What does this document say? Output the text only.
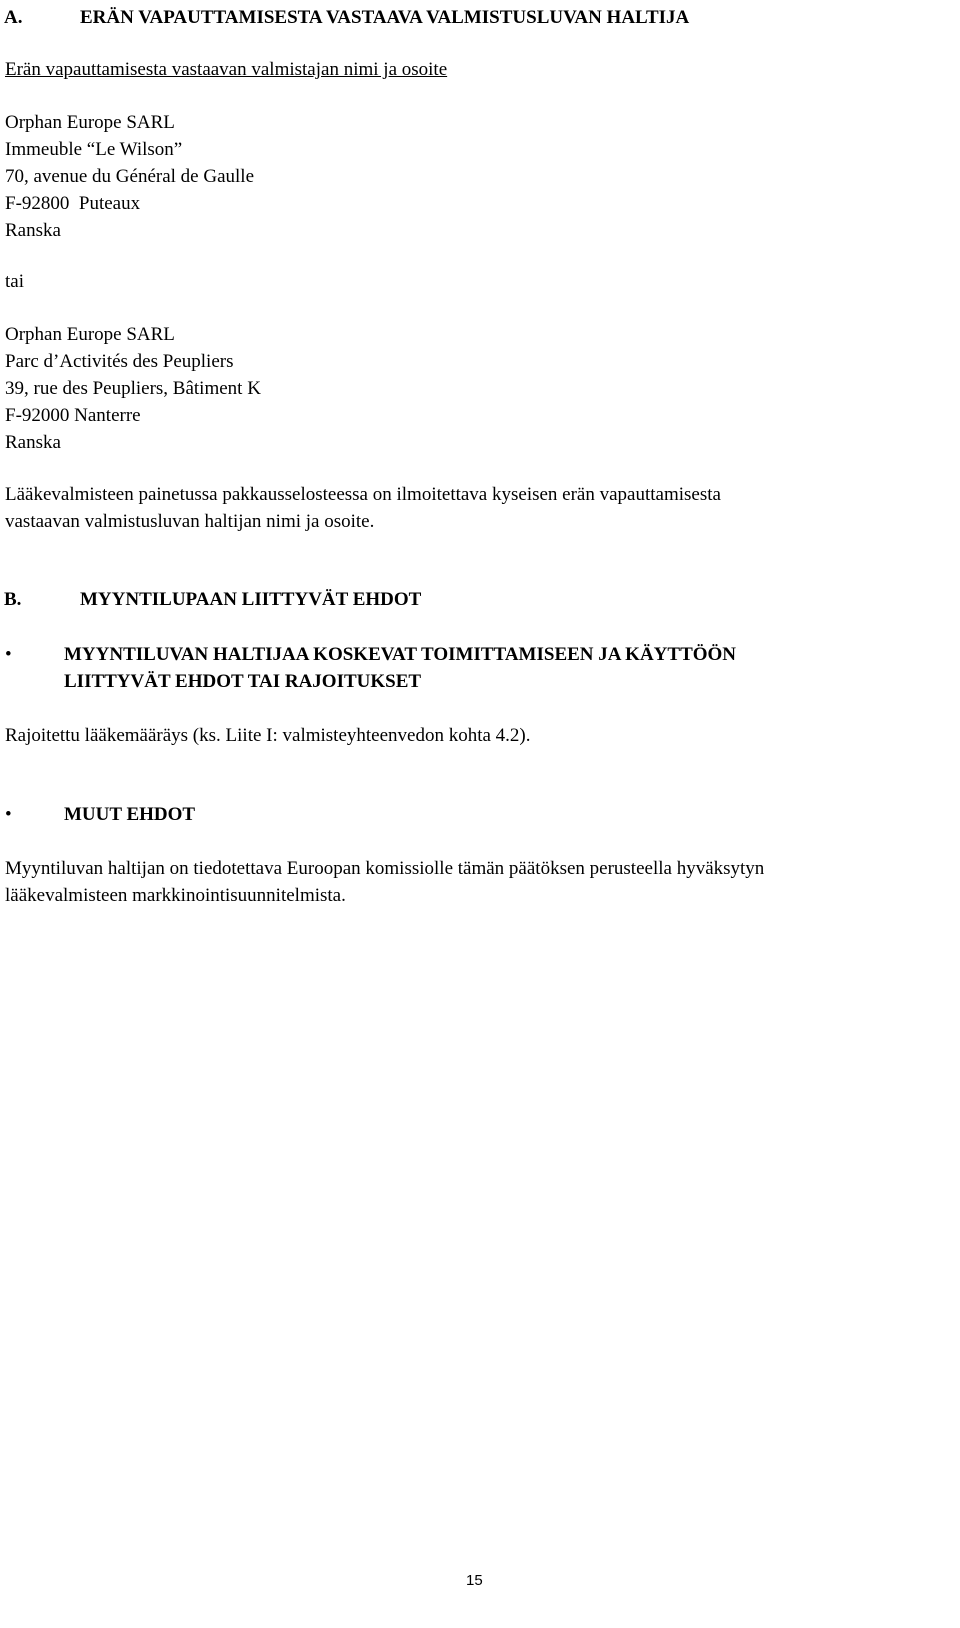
A.	ERÄN VAPAUTTAMISESTA VASTAAVA VALMISTUSLUVAN HALTIJA
Erän vapauttamisesta vastaavan valmistajan nimi ja osoite
Orphan Europe SARL
Immeuble “Le Wilson”
70, avenue du Général de Gaulle
F-92800  Puteaux
Ranska
tai
Orphan Europe SARL
Parc d’Activités des Peupliers
39, rue des Peupliers, Bâtiment K
F-92000 Nanterre
Ranska
Lääkevalmisteen painetussa pakkausselosteessa on ilmoitettava kyseisen erän vapauttamisesta
vastaavan valmistusluvan haltijan nimi ja osoite.
B.	MYYNTILUPAAN LIITTYVÄT EHDOT
•	MYYNTILUVAN HALTIJAA KOSKEVAT TOIMITTAMISEEN JA KÄYTTÖÖN
LIITTYVÄT EHDOT TAI RAJOITUKSET
Rajoitettu lääkemääräys (ks. Liite I: valmisteyhteenvedon kohta 4.2).
•	MUUT EHDOT
Myyntiluvan haltijan on tiedotettava Euroopan komissiolle tämän päätöksen perusteella hyväksytyn
lääkevalmisteen markkinointisuunnitelmista.
15
